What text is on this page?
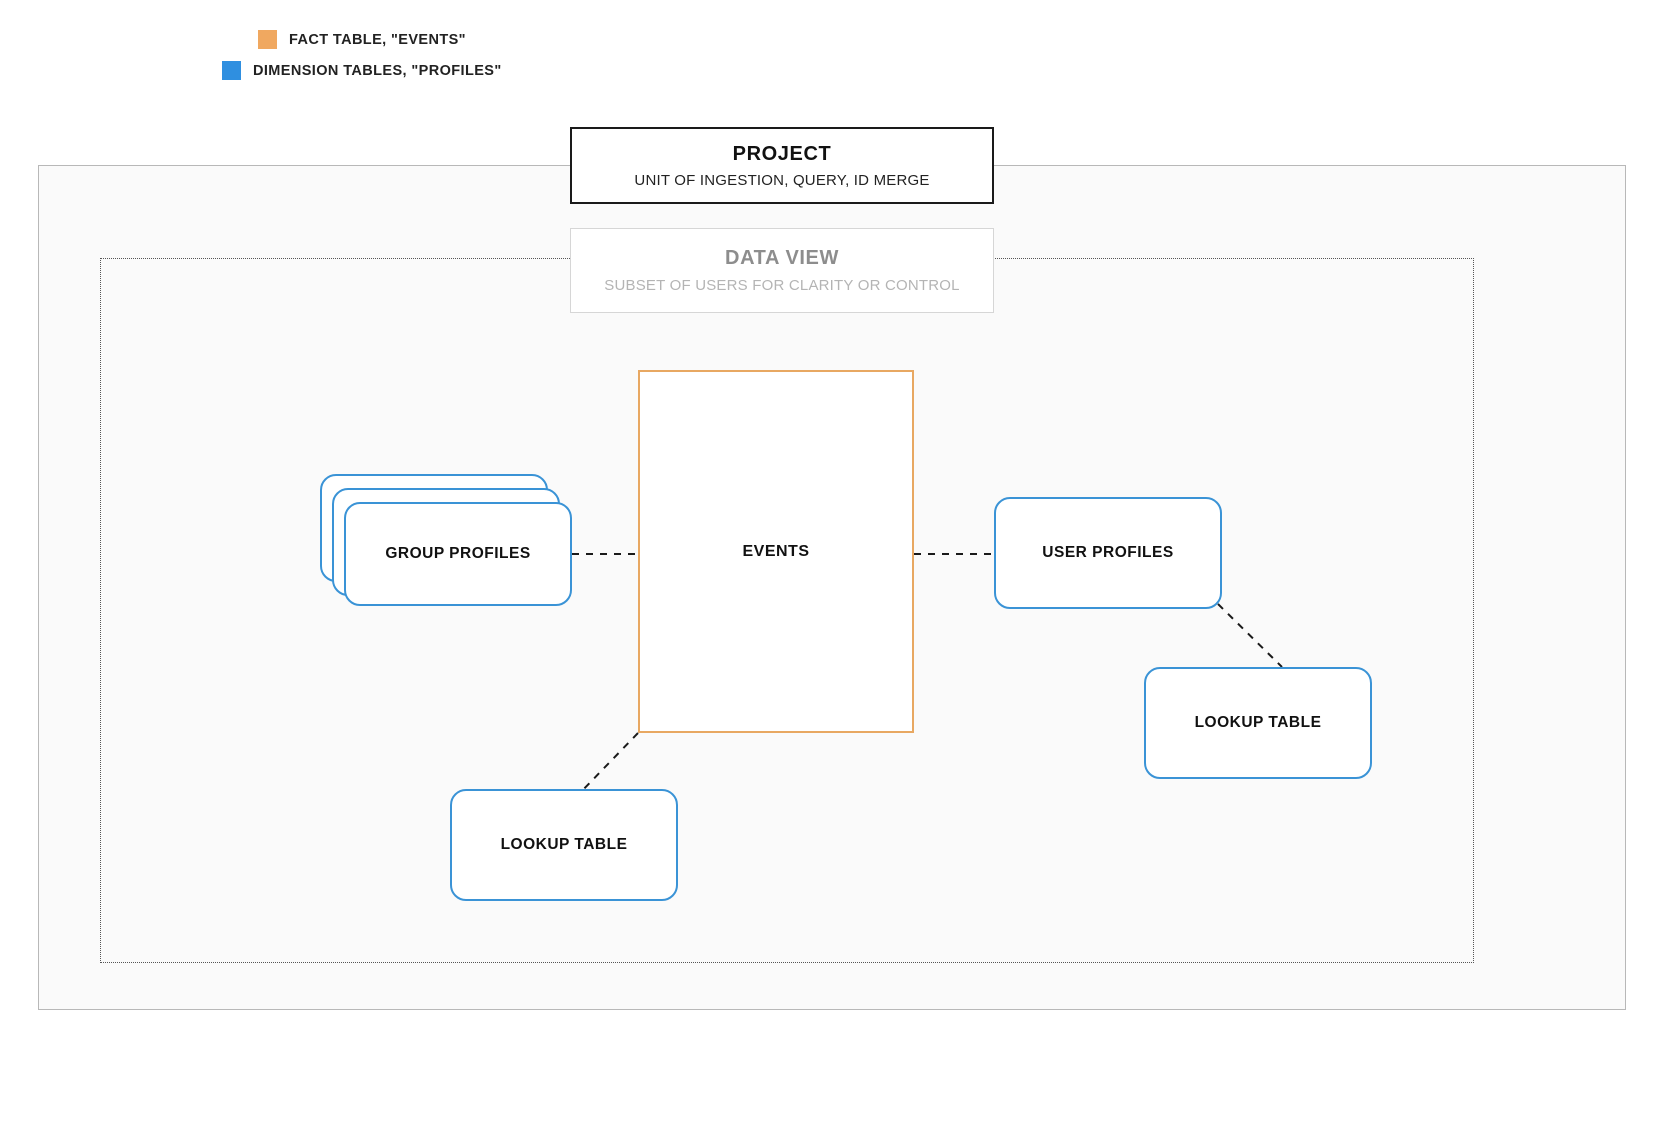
FACT TABLE, "EVENTS"
DIMENSION TABLES, "PROFILES"
PROJECT
UNIT OF INGESTION, QUERY, ID MERGE
DATA VIEW
SUBSET OF USERS FOR CLARITY OR CONTROL
EVENTS
GROUP PROFILES	USER PROFILES
LOOKUP TABLE
LOOKUP TABLE
